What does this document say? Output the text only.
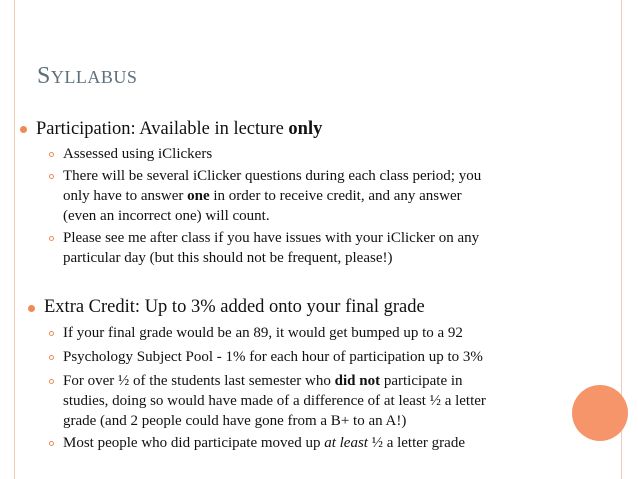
SYLLABUS
Participation: Available in lecture only
Assessed using iClickers
There will be several iClicker questions during each class period; you
only have to answer one in order to receive credit, and any answer
(even an incorrect one) will count.
Please see me after class if you have issues with your iClicker on any
particular day (but this should not be frequent, please!)
Extra Credit: Up to 3% added onto your final grade
If your final grade would be an 89, it would get bumped up to a 92
Psychology Subject Pool - 1% for each hour of participation up to 3%
For over ½ of the students last semester who did not participate in
studies, doing so would have made of a difference of at least ½ a letter
grade (and 2 people could have gone from a B+ to an A!)
Most people who did participate moved up at least ½ a letter grade
